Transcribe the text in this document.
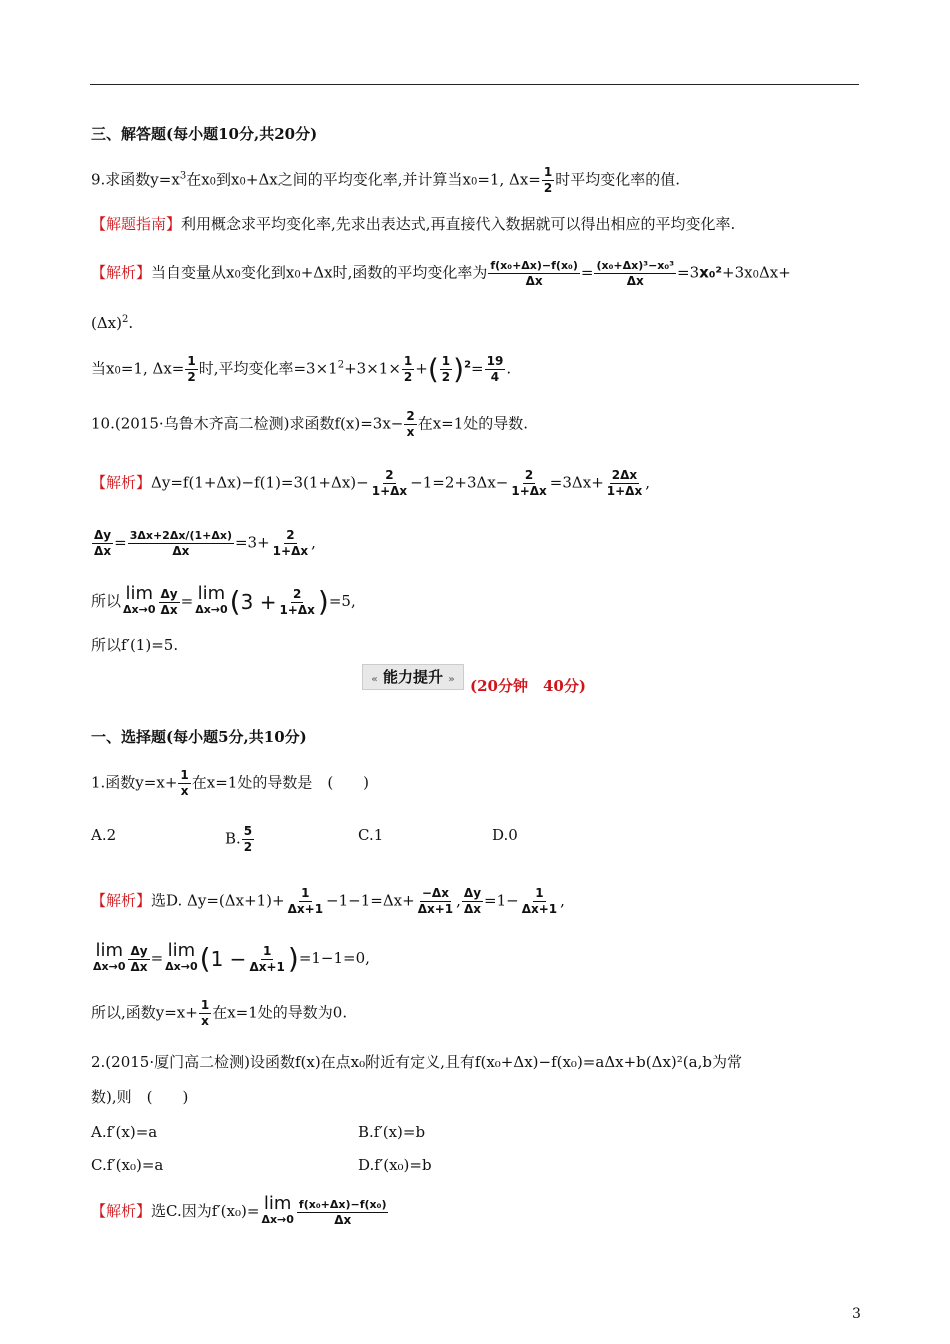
三、解答题(每小题10分,共20分)
9.求函数$y=x^3$在x0到x0+Δx之间的平均变化率,并计算当x0=1, $\Delta x= \frac{1}{2}$ 时平均变化率的值.
【解题指南】利用概念求平均变化率,先求出表达式,再直接代入数据就可以得出相应的平均变化率.
【解析】当自变量从x0变化到x0+Δx时,函数的平均变化率为 $\frac{\text{f(x₀+Δx)−f(x₀)}}{\Delta x} = \frac{\text{(x₀+Δx)³−x₀³}}{\Delta x} =3x_0^2+3x0\Delta x+$
$(\Delta x)^2$.
当x0=1, $\Delta x= \frac{1}{2}$ 时,平均变化率$=3\times 1^2+3\times 1\times \frac{1}{2}$ +( $\frac{1}{2} )^2= \frac{19}{4}$ .
10.(2015·乌鲁木齐高二检测)求函数$f(x)=3x- \frac{2}{x}$ 在x=1处的导数.
【解析】$\Delta y=f(1+\Delta x)-f(1)=3(1+\Delta x)- \frac{2}{1+\Delta x} -1=2+3\Delta x- \frac{2}{1+\Delta x} =3\Delta x+ \frac{2\Delta x}{1+\Delta x}$ ,
$\frac{\Delta y}{\Delta x} = \frac{3\Delta x+2\Delta x/(1+\Delta x)}{\Delta x} =3+ \frac{2}{1+\Delta x}$ ,
所以 lim
$\Delta x\to 0 \frac{\Delta y}{\Delta x} = \lim$
Δx→0 $(3 + \frac{2}{1+\Delta x} )=5$,
所以f′(1)=5.
« 能力提升 »	(20分钟　40分)
一、选择题(每小题5分,共10分)
1.函数$y=x+ \frac{1}{x}$ 在x=1处的导数是　(　　)
A.2	B. $\frac{5}{2}$	C.1	D.0
【解析】选D. $\Delta y=(\Delta x+1)+ \frac{1}{\Delta x+1} -1-1=\Delta x+ \frac{-\Delta x}{\Delta x+1}$ , $\frac{\Delta y}{\Delta x} =1- \frac{1}{\Delta x+1}$ ,
lim
$\Delta x\to 0 \frac{\Delta y}{\Delta x} = \lim$
Δx→0 $(1 - \frac{1}{\Delta x+1} )=1-1=0$,
所以,函数$y=x+ \frac{1}{x}$ 在x=1处的导数为0.
2.(2015·厦门高二检测)设函数f(x)在点x₀附近有定义,且有f(x₀+Δx)−f(x₀)=aΔx+b(Δx)²(a,b为常
数),则　(　　)
A.f′(x)=a	B.f′(x)=b
C.f′(x₀)=a	D.f′(x₀)=b
【解析】选C.因为f′(x₀)= lim
$\Delta x\to 0 \frac{\text{f(x₀+Δx)−f(x₀)}}{\Delta x}$
3
